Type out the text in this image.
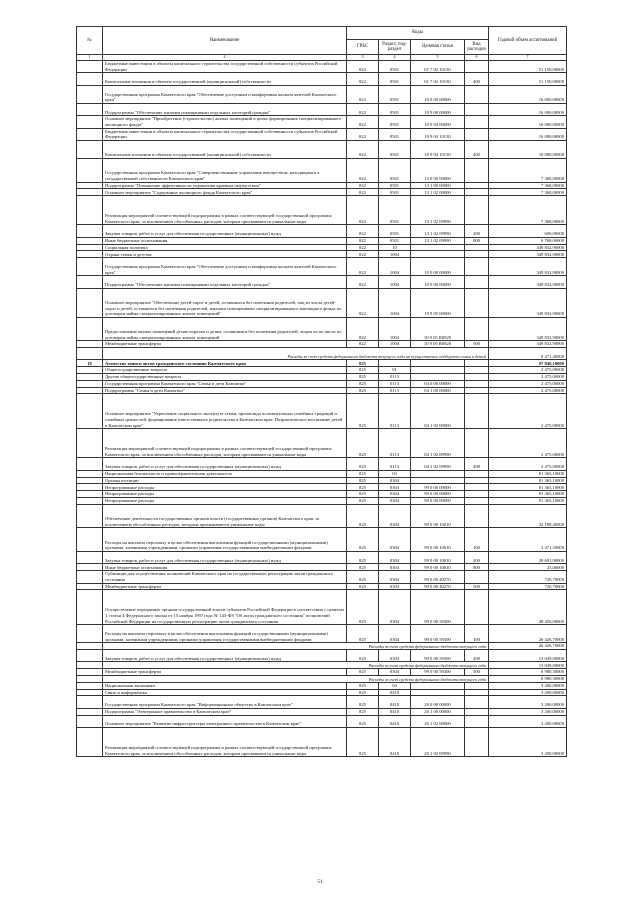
№	Наименование	Коды				Годовой объем ассигнований
		ГРБС	Раздел, под- раздел	Целевая статья	Вид расходов	
1	2	3	4	5	6	7
	Бюджетные инвестиции в объекты капитального строительства государственной собственности субъектов Российской Федерации	822	0501	01 7 02 10130		51 150,00000
	Капитальные вложения в объекты государственной (муниципальной) собственности	822	0501	01 7 02 10130	400	51 150,00000
	Государственная программа Камчатского края "Обеспечение доступным и комфортным жильем жителей Камчатского края"	822	0501	10 0 00 00000		16 000,00000
	Подпрограмма "Обеспечение жилыми помещениями отдельных категорий граждан"	822	0501	10 9 00 00000		16 000,00000
	Основное мероприятие "Приобретение (строительство) жилых помещений в целях формирования специализированного жилищного фонда"	822	0501	10 9 04 00000		16 000,00000
	Бюджетные инвестиции в объекты капитального строительства государственной собственности субъектов Российской Федерации	822	0501	10 9 04 10130		16 000,00000
	Капитальные вложения в объекты государственной (муниципальной) собственности	822	0501	10 9 04 10130	400	16 000,00000
	Государственная программа Камчатского края "Совершенствование управления имуществом, находящимся в государственной собственности Камчатского края"	822	0501	13 0 00 00000		7 368,00000
	Подпрограмма "Повышение эффективности управления краевым имуществом"	822	0501	13 1 00 00000		7 368,00000
	Основное мероприятие "Содержание жилищного фонда Камчатского края"	822	0501	13 1 02 00000		7 368,00000
	Реализация мероприятий соответствующей подпрограммы в рамках соответствующей государственной программы Камчатского края, за исключением обособленных расходов, которым присваиваются уникальные коды	822	0501	13 1 02 09990		7 368,00000
	Закупка товаров, работ и услуг для обеспечения государственных (муниципальных) нужд	822	0501	13 1 02 09990	200	600,00000
	Иные бюджетные ассигнования	822	0501	13 1 02 09990	800	6 768,00000
	Социальная политика	822	10			349 832,90000
	Охрана семьи и детства	822	1004			349 832,90000
	Государственная программа Камчатского края "Обеспечение доступным и комфортным жильем жителей Камчатского края"	822	1004	10 0 00 00000		349 832,90000
	Подпрограмма "Обеспечение жилыми помещениями отдельных категорий граждан"	822	1004	10 9 00 00000		349 832,90000
	Основное мероприятие "Обеспечение детей-сирот и детей, оставшихся без попечения родителей, лиц из числа детей-сирот и детей, оставшихся без попечения родителей, жилыми помещениями специализированного жилищного фонда по договорам найма специализированных жилых помещений"	822	1004	10 9 05 00000		349 832,90000
	Предоставление жилых помещений детям-сиротам и детям, оставшимся без попечения родителей, лицам из их числа по договорам найма специализированных жилых помещений	822	1004	10 9 05 R0820		349 832,90000
	Межбюджетные трансферты	822	1004	10 9 05 R0820	500	349 832,90000
	Расходы за счет средств федерального бюджета текущего года на осуществление поддержки семьи и детей					8 471,40000
18	Агентство записи актов гражданского состояния Камчатского края	825				97 846,10000
	Общегосударственные вопросы	825	01			2 475,00000
	Другие общегосударственные вопросы	825	0113			2 475,00000
	Государственная программа Камчатского края "Семья и дети Камчатки"	825	0113	04 0 00 00000		2 475,00000
	Подпрограмма "Семья и дети Камчатки"	825	0113	04 1 00 00000		2 475,00000
	Основное мероприятие "Укрепление социального института семьи, пропаганда положительных семейных традиций и семейных ценностей, формирование ответственного родительства в Камчатском крае. Патриотическое воспитание детей в Камчатском крае"	825	0113	04 1 02 00000		2 475,00000
	Реализация мероприятий соответствующей подпрограммы в рамках соответствующей государственной программы Камчатского края, за исключением обособленных расходов, которым присваиваются уникальные коды	825	0113	04 1 02 09990		2 475,00000
	Закупка товаров, работ и услуг для обеспечения государственных (муниципальных) нужд	825	0113	04 1 02 09990	200	2 475,00000
	Национальная безопасность и правоохранительная деятельность	825	03			81 365,10000
	Органы юстиции	825	0304			81 365,10000
	Непрограммные расходы	825	0304	99 0 00 00000		81 365,10000
	Непрограммные расходы	825	0304	99 0 00 00000		81 365,10000
	Непрограммные расходы	825	0304	99 0 00 00000		81 365,10000
	Обеспечение деятельности государственных органов власти (государственных органов) Камчатского края, за исключением обособленных расходов, которым присваиваются уникальные коды	825	0304	99 0 00 10010		32 188,40000
	Расходы на выплаты персоналу в целях обеспечения выполнения функций государственными (муниципальными) органами, казенными учреждениями, органами управления государственными внебюджетными фондами	825	0304	99 0 00 10010	100	3 471,50000
	Закупка товаров, работ и услуг для обеспечения государственных (муниципальных) нужд	825	0304	99 0 00 10010	200	28 691,90000
	Иные бюджетные ассигнования	825	0304	99 0 00 10010	800	25,00000
	Субвенции для осуществления полномочий Камчатского края на государственную регистрацию актов гражданского состояния	825	0304	99 0 00 40270		720,70000
	Межбюджетные трансферты	825	0304	99 0 00 40270	500	720,70000
	Осуществление переданных органам государственной власти субъектов Российской Федерации в соответствии с пунктом 1 статьи 4 Федерального закона от 15 ноября 1997 года № 143-ФЗ "Об актах гражданского состояния" полномочий Российской Федерации на государственную регистрацию актов гражданского состояния	825	0304	99 0 00 59300		48 456,00000
	Расходы на выплаты персоналу в целях обеспечения выполнения функций государственными (муниципальными) органами, казенными учреждениями, органами управления государственными внебюджетными фондами	825	0304	99 0 00 59300	100	26 426,70000
	Расходы за счет средств федерального бюджета текущего года					26 426,70000
	Закупка товаров, работ и услуг для обеспечения государственных (муниципальных) нужд	825	0304	99 0 00 59300	200	13 049,00000
	Расходы за счет средств федерального бюджета текущего года					13 049,00000
	Межбюджетные трансферты	825	0304	99 0 00 59300	500	8 980,30000
	Расходы за счет средств федерального бюджета текущего года					8 980,30000
	Национальная экономика	825	04			3 200,00000
	Связь и информатика	825	0410			3 200,00000
	Государственная программа Камчатского края "Информационное общество в Камчатском крае"	825	0410	20 0 00 00000		3 200,00000
	Подпрограмма "Электронное правительство в Камчатском крае"	825	0410	20 1 00 00000		3 200,00000
	Основное мероприятие "Развитие инфраструктуры электронного правительства в Камчатском крае"	825	0410	20 1 02 00000		3 200,00000
	Реализация мероприятий соответствующей подпрограммы в рамках соответствующей государственной программы Камчатского края, за исключением обособленных расходов, которым присваиваются уникальные коды	825	0410	20 1 02 09990		3 200,00000
51
